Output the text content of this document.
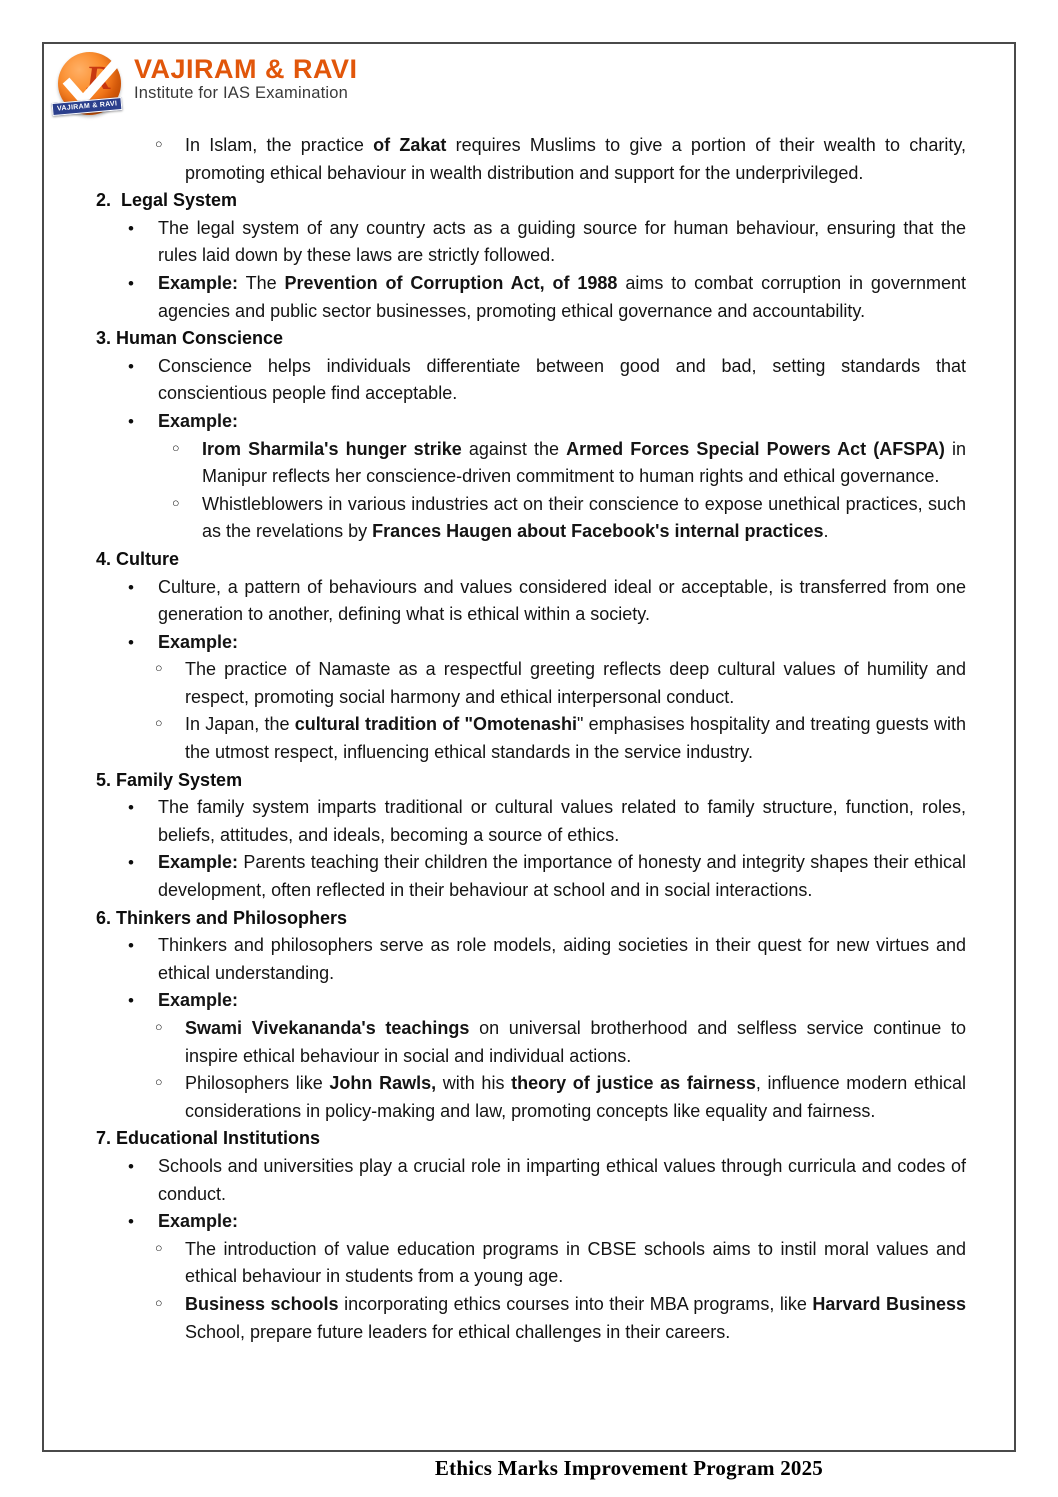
R
VAJIRAM & RAVI
VAJIRAM & RAVI
Institute for IAS Examination
○	In Islam, the practice of Zakat requires Muslims to give a portion of their wealth to charity, promoting ethical behaviour in wealth distribution and support for the underprivileged.
2.  Legal System
•	The legal system of any country acts as a guiding source for human behaviour, ensuring that the rules laid down by these laws are strictly followed.
•	Example: The Prevention of Corruption Act, of 1988 aims to combat corruption in government agencies and public sector businesses, promoting ethical governance and accountability.
3. Human Conscience
•	Conscience helps individuals differentiate between good and bad, setting standards that conscientious people find acceptable.
•	Example:
○	Irom Sharmila's hunger strike against the Armed Forces Special Powers Act (AFSPA) in Manipur reflects her conscience-driven commitment to human rights and ethical governance.
○	Whistleblowers in various industries act on their conscience to expose unethical practices, such as the revelations by Frances Haugen about Facebook's internal practices.
4. Culture
•	Culture, a pattern of behaviours and values considered ideal or acceptable, is transferred from one generation to another, defining what is ethical within a society.
•	Example:
○	The practice of Namaste as a respectful greeting reflects deep cultural values of humility and respect, promoting social harmony and ethical interpersonal conduct.
○	In Japan, the cultural tradition of "Omotenashi" emphasises hospitality and treating guests with the utmost respect, influencing ethical standards in the service industry.
5. Family System
•	The family system imparts traditional or cultural values related to family structure, function, roles, beliefs, attitudes, and ideals, becoming a source of ethics.
•	Example: Parents teaching their children the importance of honesty and integrity shapes their ethical development, often reflected in their behaviour at school and in social interactions.
6. Thinkers and Philosophers
•	Thinkers and philosophers serve as role models, aiding societies in their quest for new virtues and ethical understanding.
•	Example:
○	Swami Vivekananda's teachings on universal brotherhood and selfless service continue to inspire ethical behaviour in social and individual actions.
○	Philosophers like John Rawls, with his theory of justice as fairness, influence modern ethical considerations in policy-making and law, promoting concepts like equality and fairness.
7. Educational Institutions
•	Schools and universities play a crucial role in imparting ethical values through curricula and codes of conduct.
•	Example:
○	The introduction of value education programs in CBSE schools aims to instil moral values and ethical behaviour in students from a young age.
○	Business schools incorporating ethics courses into their MBA programs, like Harvard Business School, prepare future leaders for ethical challenges in their careers.
Ethics Marks Improvement Program 2025
